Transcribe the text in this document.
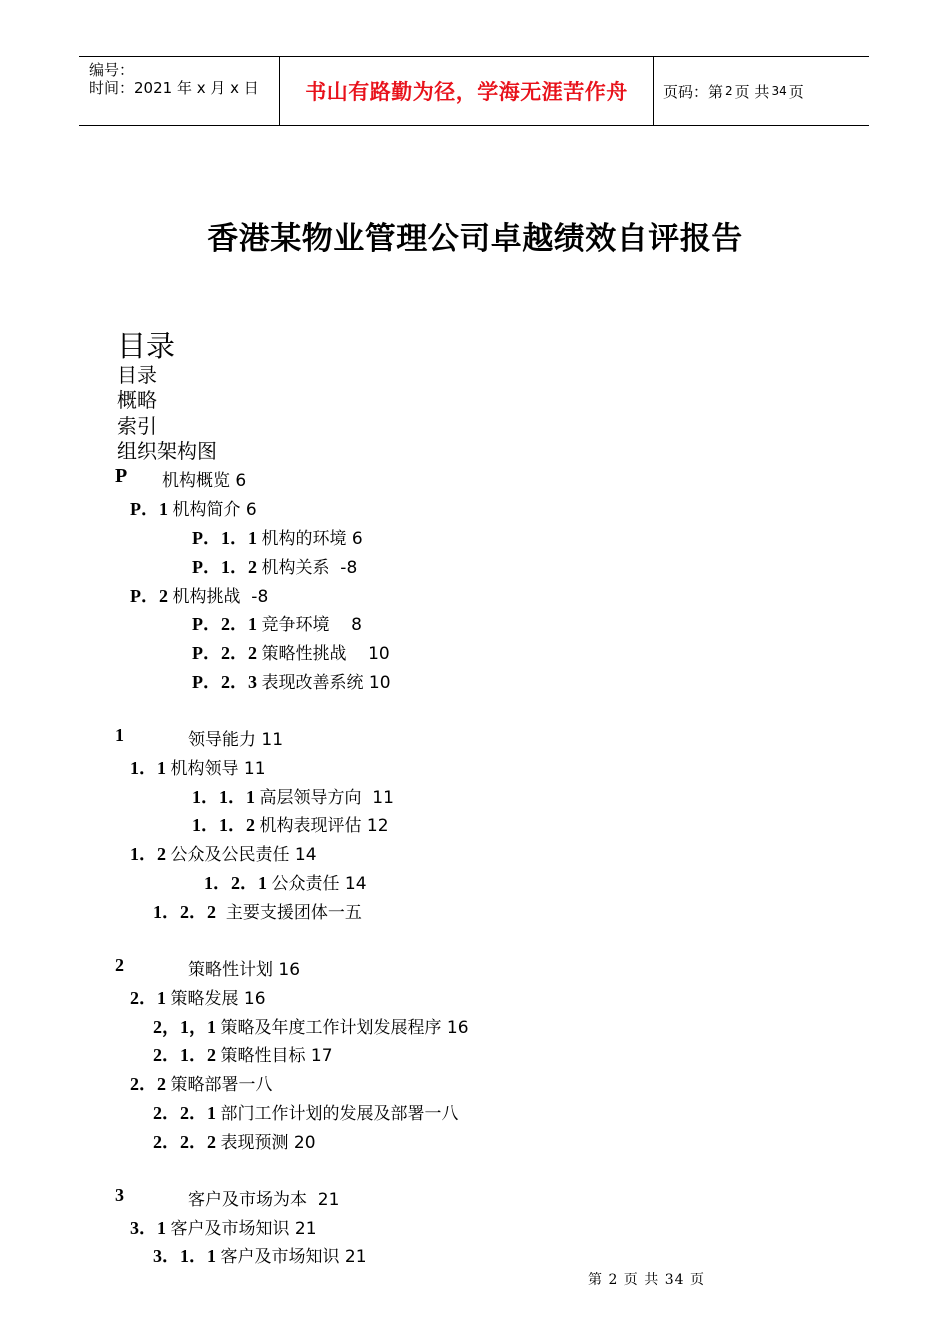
编号：
时间：2021 年 x 月 x 日	书山有路勤为径，学海无涯苦作舟	页码：第 2 页 共 34 页
香港某物业管理公司卓越绩效自评报告
目录
目录
概略
索引
组织架构图
P 机构概览 6
P．1 机构简介 6
P．1．1 机构的环境 6
P．1．2 机构关系  -8
P．2 机构挑战  -8
P．2．1 竞争环境    8
P．2．2 策略性挑战    10
P．2．3 表现改善系统 10
1	领导能力 11
1．1 机构领导 11
1．1．1 高层领导方向  11
1．1．2 机构表现评估 12
1．2 公众及公民责任 14
1．2．1 公众责任 14
1．2．2  主要支援团体一五
2	策略性计划 16
2．1 策略发展 16
2，1，1 策略及年度工作计划发展程序 16
2．1．2 策略性目标 17
2．2 策略部署一八
2．2．1 部门工作计划的发展及部署一八
2．2．2 表现预测 20
3	客户及市场为本  21
3．1 客户及市场知识 21
3．1．1 客户及市场知识 21
第 2 页 共 34 页
